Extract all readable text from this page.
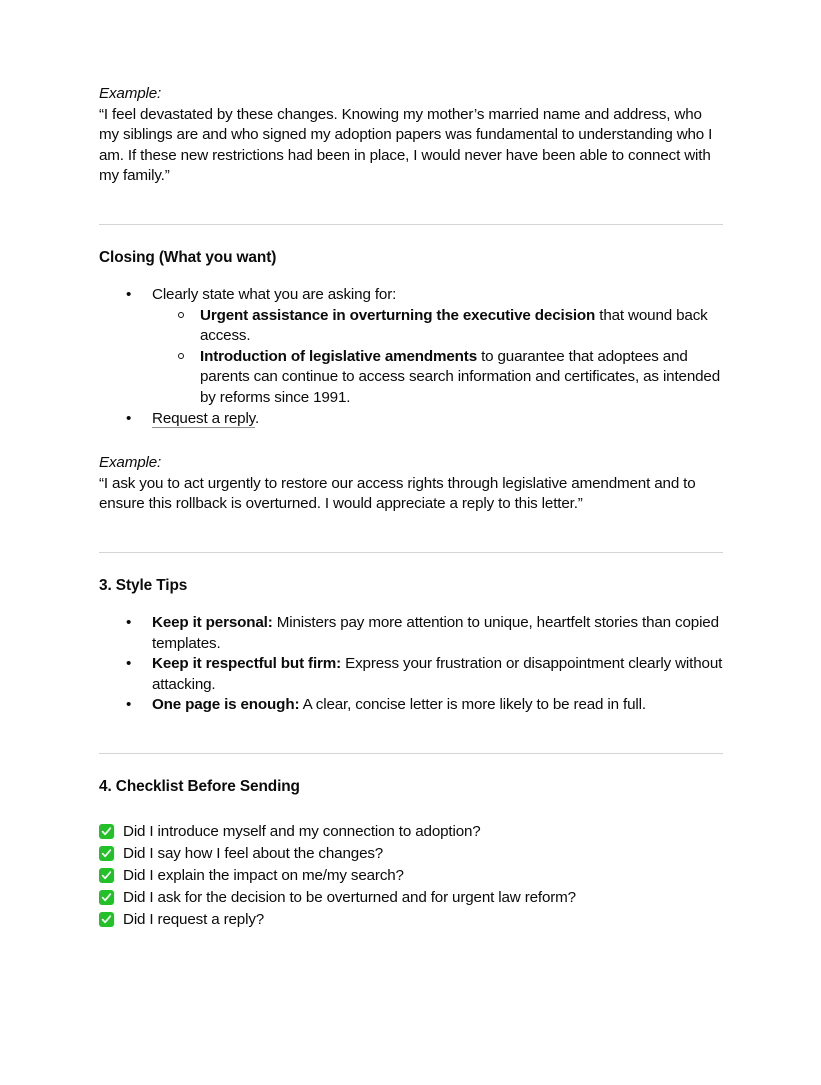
Example:

“I feel devastated by these changes. Knowing my mother’s married name and address, who my siblings are and who signed my adoption papers was fundamental to understanding who I am. If these new restrictions had been in place, I would never have been able to connect with my family.”

Closing (What you want)
• Clearly state what you are asking for:
Urgent assistance in overturning the executive decision that wound back access.
Introduction of legislative amendments to guarantee that adoptees and parents can continue to access search information and certificates, as intended by reforms since 1991.
• Request a reply.

Example:

“I ask you to act urgently to restore our access rights through legislative amendment and to ensure this rollback is overturned. I would appreciate a reply to this letter.”

3. Style Tips
• Keep it personal: Ministers pay more attention to unique, heartfelt stories than copied templates.
• Keep it respectful but firm: Express your frustration or disappointment clearly without attacking.
• One page is enough: A clear, concise letter is more likely to be read in full.
4. Checklist Before Sending
Did I introduce myself and my connection to adoption?
Did I say how I feel about the changes?
Did I explain the impact on me/my search?
Did I ask for the decision to be overturned and for urgent law reform?
Did I request a reply?
